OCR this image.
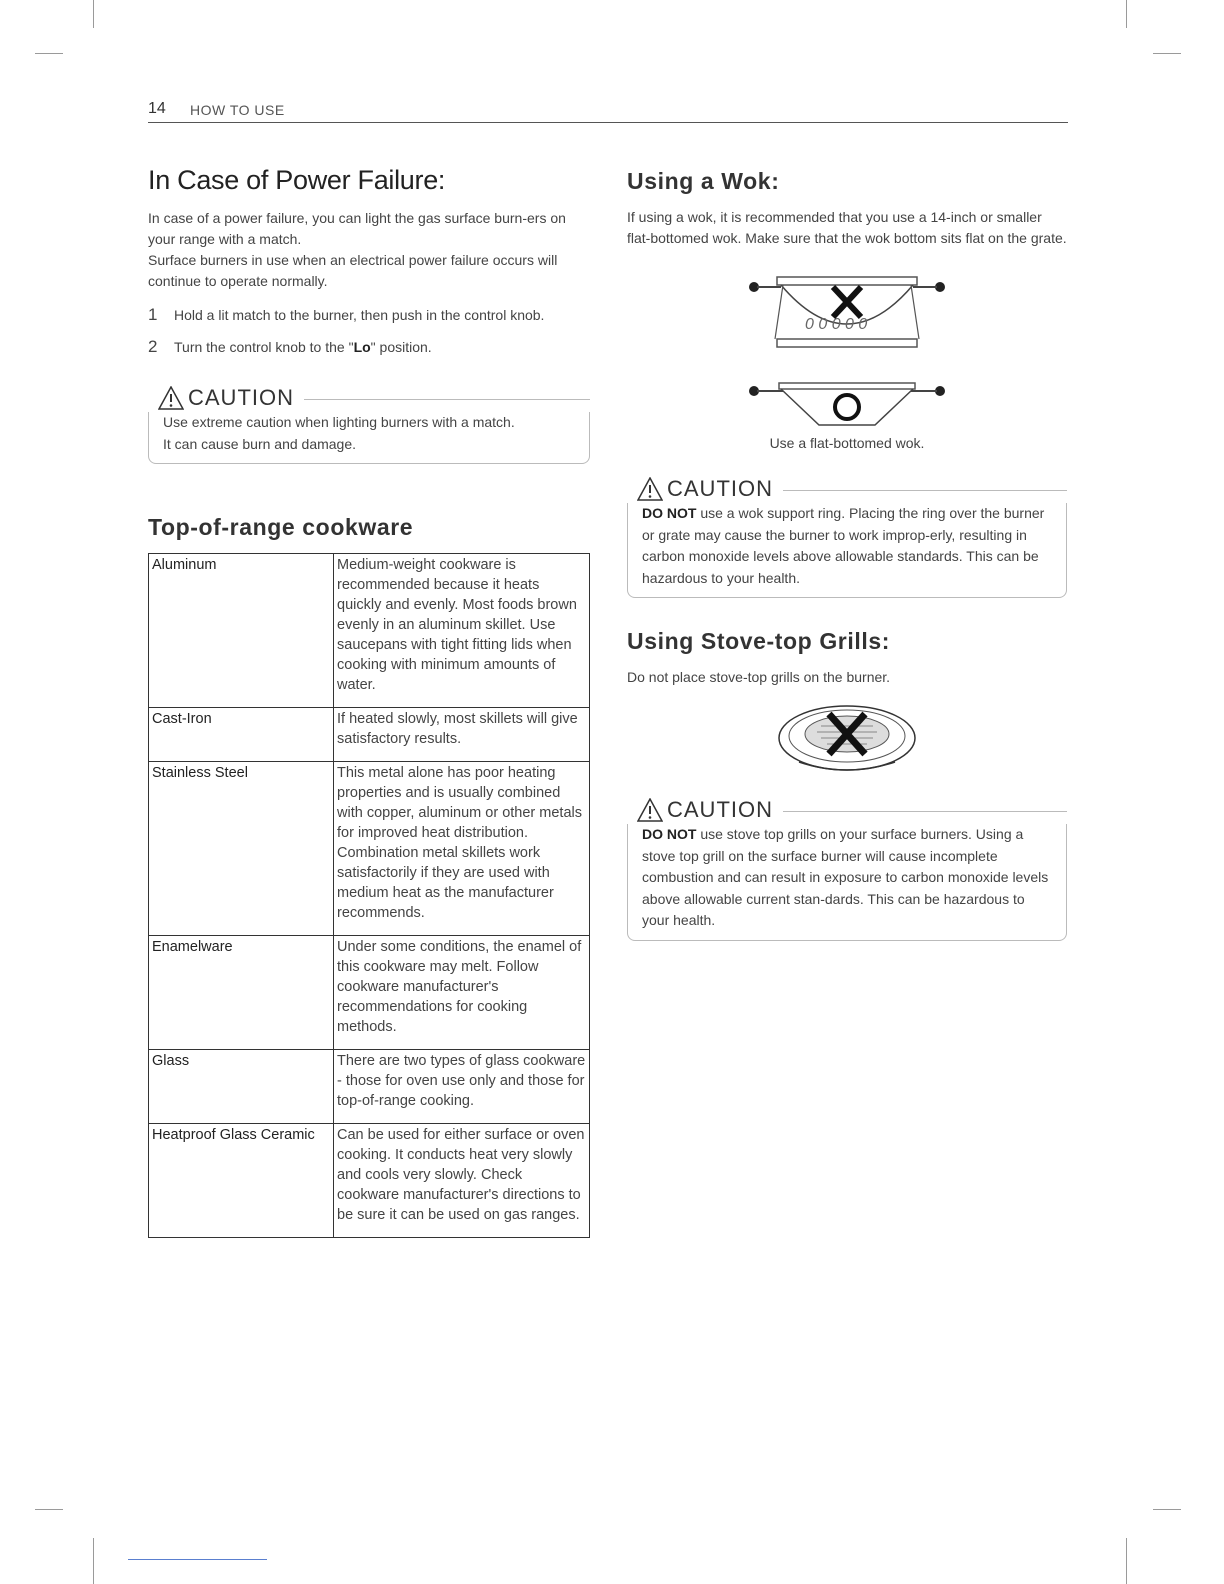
14 HOW TO USE
In Case of Power Failure:

In case of a power failure, you can light the gas surface burn-ers on your range with a match.

Surface burners in use when an electrical power failure occurs will continue to operate normally.

1	Hold a lit match to the burner, then push in the control knob.
2	Turn the control knob to the "Lo" position.
CAUTION
Use extreme caution when lighting burners with a match.
It can cause burn and damage.
Top-of-range cookware
Aluminum	Medium-weight cookware is recommended because it heats quickly and evenly. Most foods brown evenly in an aluminum skillet. Use saucepans with tight fitting lids when cooking with minimum amounts of water.
Cast-Iron	If heated slowly, most skillets will give satisfactory results.
Stainless Steel	This metal alone has poor heating properties and is usually combined with copper, aluminum or other metals for improved heat distribution. Combination metal skillets work satisfactorily if they are used with medium heat as the manufacturer recommends.
Enamelware	Under some conditions, the enamel of this cookware may melt. Follow cookware manufacturer's recommendations for cooking methods.
Glass	There are two types of glass cookware - those for oven use only and those for top-of-range cooking.
Heatproof Glass Ceramic	Can be used for either surface or oven cooking. It conducts heat very slowly and cools very slowly. Check cookware manufacturer's directions to be sure it can be used on gas ranges.
Using a Wok:

If using a wok, it is recommended that you use a 14-inch or smaller flat-bottomed wok. Make sure that the wok bottom sits flat on the grate.

0 0 0 0 0
Use a flat-bottomed wok.
CAUTION
DO NOT use a wok support ring. Placing the ring over the burner or grate may cause the burner to work improp-erly, resulting in carbon monoxide levels above allowable standards. This can be hazardous to your health.
Using Stove-top Grills:

Do not place stove-top grills on the burner.

CAUTION
DO NOT use stove top grills on your surface burners. Using a stove top grill on the surface burner will cause incomplete combustion and can result in exposure to carbon monoxide levels above allowable current stan-dards. This can be hazardous to your health.
